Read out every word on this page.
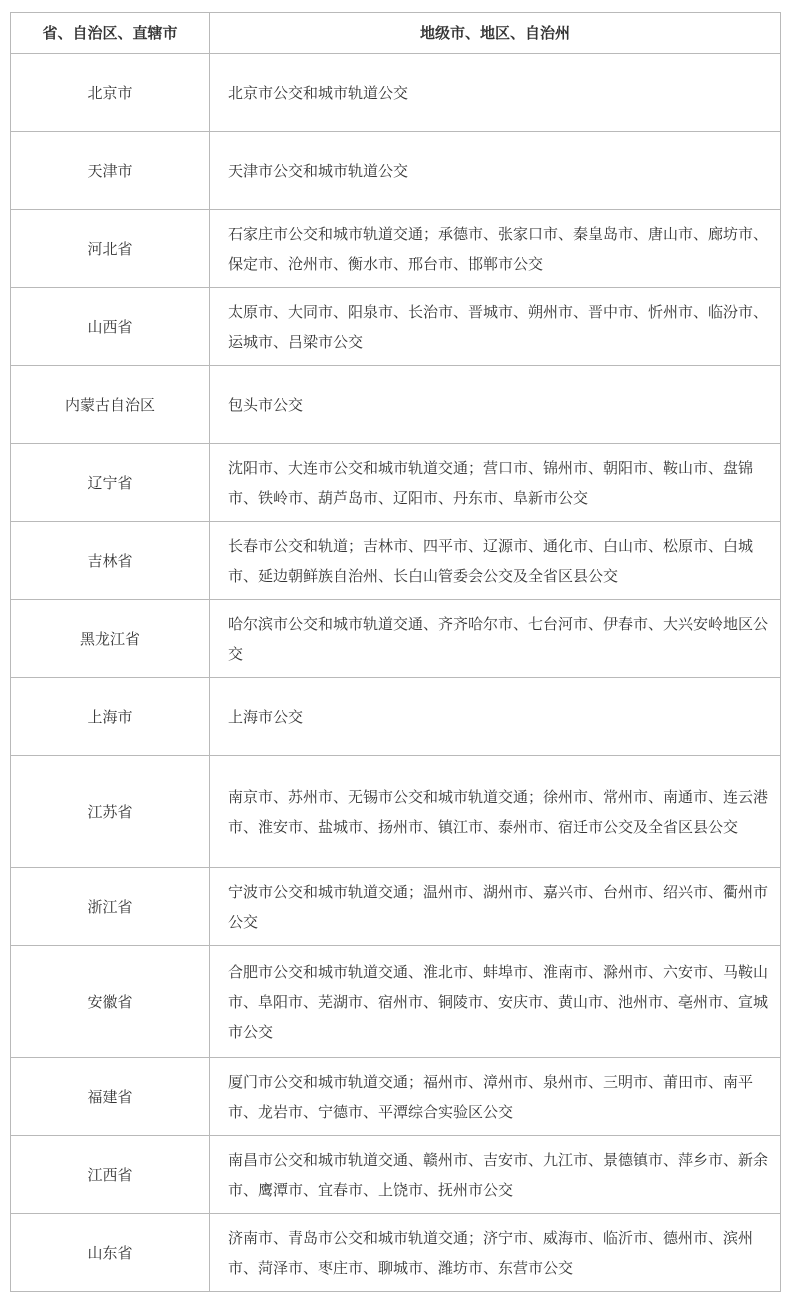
省、自治区、直辖市	地级市、地区、自治州
北京市	北京市公交和城市轨道公交
天津市	天津市公交和城市轨道公交
河北省	石家庄市公交和城市轨道交通；承德市、张家口市、秦皇岛市、唐山市、廊坊市、保定市、沧州市、衡水市、邢台市、邯郸市公交
山西省	太原市、大同市、阳泉市、长治市、晋城市、朔州市、晋中市、忻州市、临汾市、运城市、吕梁市公交
内蒙古自治区	包头市公交
辽宁省	沈阳市、大连市公交和城市轨道交通；营口市、锦州市、朝阳市、鞍山市、盘锦市、铁岭市、葫芦岛市、辽阳市、丹东市、阜新市公交
吉林省	长春市公交和轨道；吉林市、四平市、辽源市、通化市、白山市、松原市、白城市、延边朝鲜族自治州、长白山管委会公交及全省区县公交
黑龙江省	哈尔滨市公交和城市轨道交通、齐齐哈尔市、七台河市、伊春市、大兴安岭地区公交
上海市	上海市公交
江苏省	南京市、苏州市、无锡市公交和城市轨道交通；徐州市、常州市、南通市、连云港市、淮安市、盐城市、扬州市、镇江市、泰州市、宿迁市公交及全省区县公交
浙江省	宁波市公交和城市轨道交通；温州市、湖州市、嘉兴市、台州市、绍兴市、衢州市公交
安徽省	合肥市公交和城市轨道交通、淮北市、蚌埠市、淮南市、滁州市、六安市、马鞍山市、阜阳市、芜湖市、宿州市、铜陵市、安庆市、黄山市、池州市、亳州市、宣城市公交
福建省	厦门市公交和城市轨道交通；福州市、漳州市、泉州市、三明市、莆田市、南平市、龙岩市、宁德市、平潭综合实验区公交
江西省	南昌市公交和城市轨道交通、赣州市、吉安市、九江市、景德镇市、萍乡市、新余市、鹰潭市、宜春市、上饶市、抚州市公交
山东省	济南市、青岛市公交和城市轨道交通；济宁市、威海市、临沂市、德州市、滨州市、菏泽市、枣庄市、聊城市、潍坊市、东营市公交
